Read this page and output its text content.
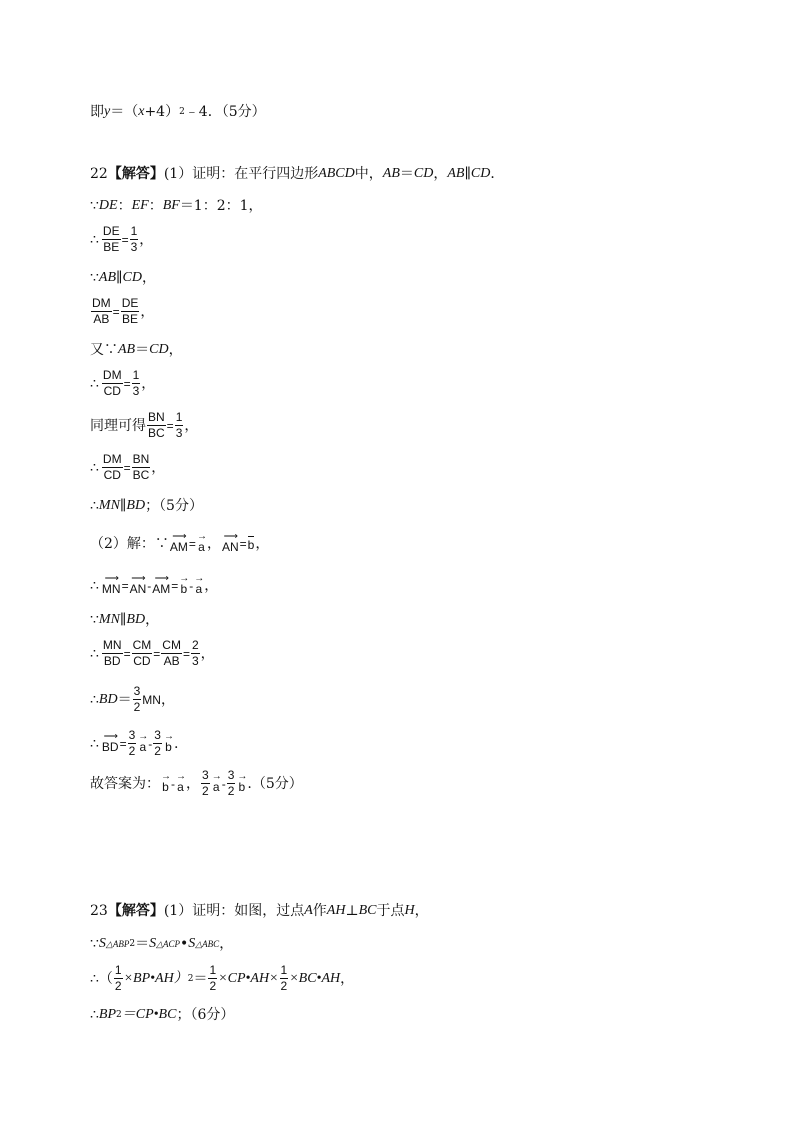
即 y ＝（ x +4） 2 ﹣4．（5分）
22 【解答】 (1）证明：在平行四边形 ABCD 中， AB ＝ CD ， AB ∥ CD ．
∵ DE ： EF ： BF ＝1：2：1，
∴ $\frac{DE}{BE} = \frac{1}{3}$ ，
∵ AB ∥ CD ，
$\frac{DM}{AB} = \frac{DE}{BE}$ ，
又∵ AB ＝ CD ，
∴ $\frac{DM}{CD} = \frac{1}{3}$ ，
同理可得 $\frac{BN}{BC} = \frac{1}{3}$ ，
∴ $\frac{DM}{CD} = \frac{BN}{BC}$ ，
∴ MN ∥ BD ；（5分）
（2）解：∵ ⟶
AM = →
a ， ⟶
AN = b ，
∴ ⟶
MN = ⟶
AN - ⟶
AM = →
b - →
a ，
∵ MN ∥ BD ，
∴ $\frac{MN}{BD} = \frac{CM}{CD} = \frac{CM}{AB} = \frac{2}{3}$ ，
∴ BD ＝ $\frac{3}{2}$ MN ，
∴ ⟶
BD = $\frac{3}{2}$ →
a - $\frac{3}{2}$ →
b .
故答案为： →
b - →
a ， $\frac{3}{2}$ →
a - $\frac{3}{2}$ →
b .（5分）
23 【解答】 (1）证明：如图，过点 A 作 AH ⊥ BC 于点 H ，
∵ S △ABP 2 ＝ S △ACP • S △ABC ，
∴ （ $\frac{1}{2}$ ×BP•AH） $2 = \frac{1}{2}$ ×CP•AH× $\frac{1}{2}$ ×BC•AH ，
∴ BP 2 ＝CP•BC ；（6分）
